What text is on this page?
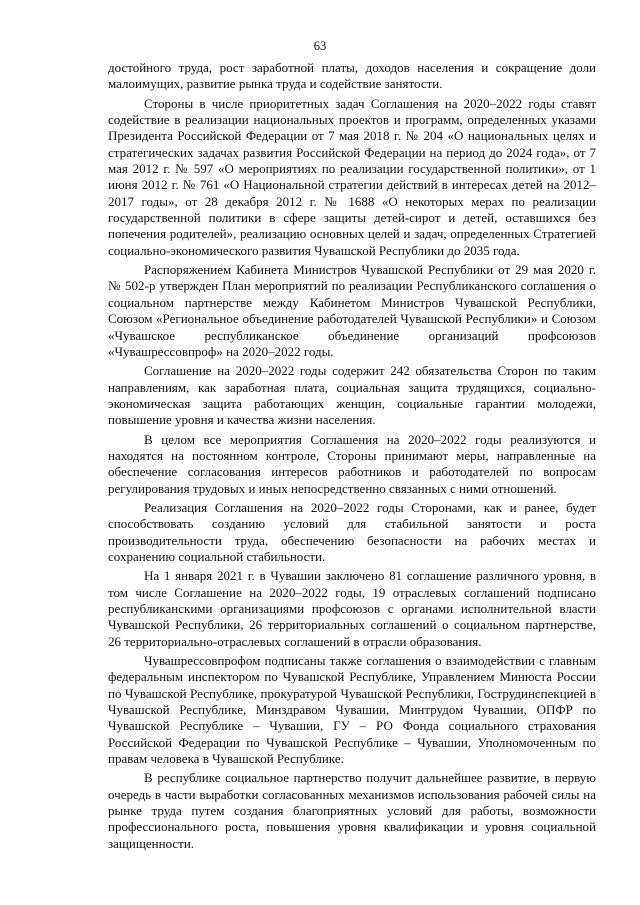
63

достойного труда, рост заработной платы, доходов населения и сокращение доли малоимущих, развитие рынка труда и содействие занятости.

Стороны в числе приоритетных задач Соглашения на 2020–2022 годы ставят содействие в реализации национальных проектов и программ, определенных указами Президента Российской Федерации от 7 мая 2018 г. № 204 «О национальных целях и стратегических задачах развития Российской Федерации на период до 2024 года», от 7 мая 2012 г. № 597 «О мероприятиях по реализации государственной политики», от 1 июня 2012 г. № 761 «О Национальной стратегии действий в интересах детей на 2012–2017 годы», от 28 декабря 2012 г. № 1688 «О некоторых мерах по реализации государственной политики в сфере защиты детей-сирот и детей, оставшихся без попечения родителей», реализацию основных целей и задач, определенных Стратегией социально-экономического развития Чувашской Республики до 2035 года.

Распоряжением Кабинета Министров Чувашской Республики от 29 мая 2020 г. № 502-р утвержден План мероприятий по реализации Республиканского соглашения о социальном партнерстве между Кабинетом Министров Чувашской Республики, Союзом «Региональное объединение работодателей Чувашской Республики» и Союзом «Чувашское республиканское объединение организаций профсоюзов «Чувашрессовпроф» на 2020–2022 годы.

Соглашение на 2020–2022 годы содержит 242 обязательства Сторон по таким направлениям, как заработная плата, социальная защита трудящихся, социально-экономическая защита работающих женщин, социальные гарантии молодежи, повышение уровня и качества жизни населения.

В целом все мероприятия Соглашения на 2020–2022 годы реализуются и находятся на постоянном контроле, Стороны принимают меры, направленные на обеспечение согласования интересов работников и работодателей по вопросам регулирования трудовых и иных непосредственно связанных с ними отношений.

Реализация Соглашения на 2020–2022 годы Сторонами, как и ранее, будет способствовать созданию условий для стабильной занятости и роста производительности труда, обеспечению безопасности на рабочих местах и сохранению социальной стабильности.

На 1 января 2021 г. в Чувашии заключено 81 соглашение различного уровня, в том числе Соглашение на 2020–2022 годы, 19 отраслевых соглашений подписано республиканскими организациями профсоюзов с органами исполнительной власти Чувашской Республики, 26 территориальных соглашений о социальном партнерстве, 26 территориально-отраслевых соглашений в отрасли образования.

Чувашрессовпрофом подписаны также соглашения о взаимодействии с главным федеральным инспектором по Чувашской Республике, Управлением Минюста России по Чувашской Республике, прокуратурой Чувашской Республики, Гострудинспекцией в Чувашской Республике, Минздравом Чувашии, Минтрудом Чувашии, ОПФР по Чувашской Республике – Чувашии, ГУ – РО Фонда социального страхования Российской Федерации по Чувашской Республике – Чувашии, Уполномоченным по правам человека в Чувашской Республике.

В республике социальное партнерство получит дальнейшее развитие, в первую очередь в части выработки согласованных механизмов использования рабочей силы на рынке труда путем создания благоприятных условий для работы, возможности профессионального роста, повышения уровня квалификации и уровня социальной защищенности.
